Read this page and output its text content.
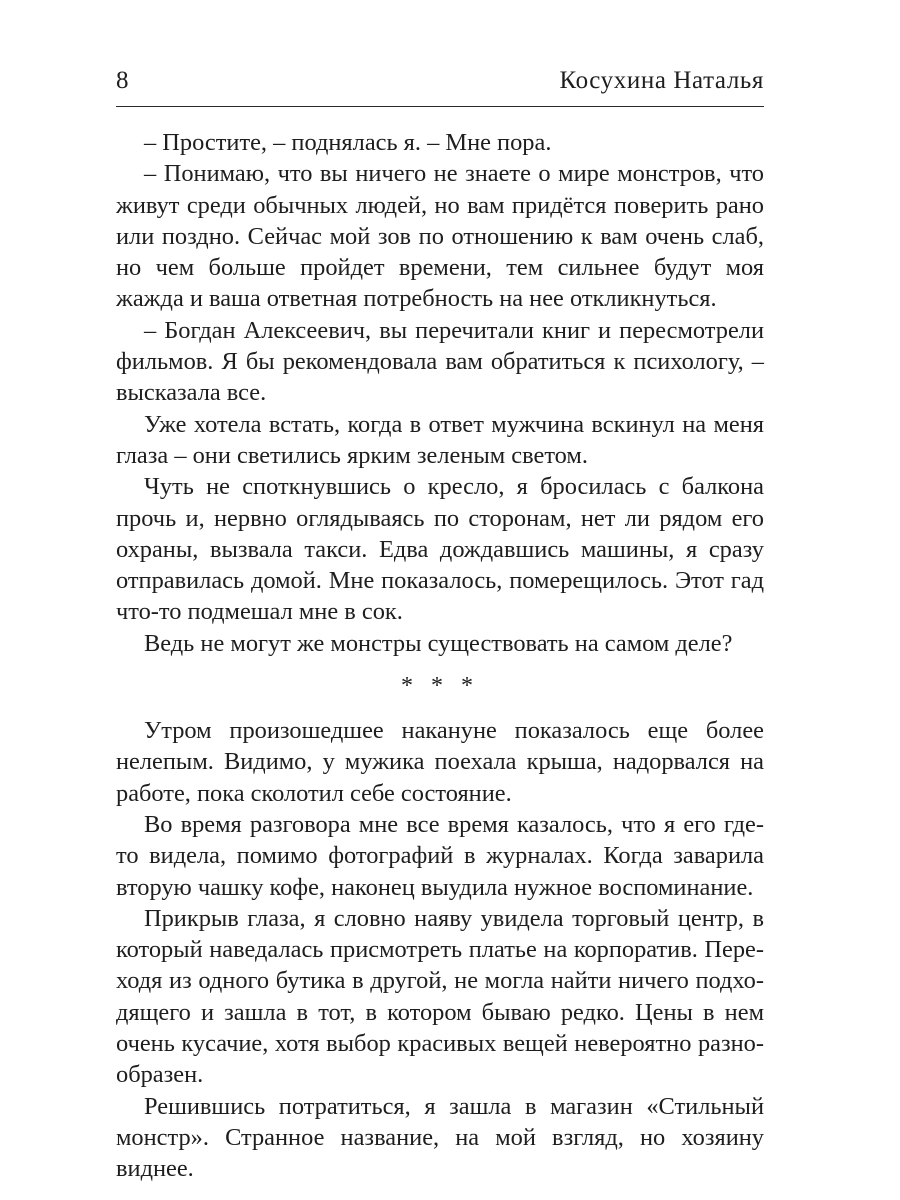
8	Косухина Наталья

– Простите, – поднялась я. – Мне пора.

– Понимаю, что вы ничего не знаете о мире монстров, что живут среди обычных людей, но вам придётся поверить рано или поздно. Сейчас мой зов по отношению к вам очень слаб, но чем больше пройдет времени, тем сильнее будут моя жажда и ваша ответная потребность на нее откликнуться.

– Богдан Алексеевич, вы перечитали книг и пересмотрели фильмов. Я бы рекомендовала вам обратиться к психологу, – высказала все.

Уже хотела встать, когда в ответ мужчина вскинул на меня глаза – они светились ярким зеленым светом.

Чуть не споткнувшись о кресло, я бросилась с балкона прочь и, нервно оглядываясь по сторонам, нет ли рядом его охраны, вызвала такси. Едва дождавшись машины, я сразу отправилась домой. Мне показалось, померещилось. Этот гад что-то подмешал мне в сок.

Ведь не могут же монстры существовать на самом деле?

* * *

Утром произошедшее накануне показалось еще более нелепым. Видимо, у мужика поехала крыша, надорвался на работе, пока сколотил себе состояние.

Во время разговора мне все время казалось, что я его где-то видела, помимо фотографий в журналах. Когда заварила вторую чашку кофе, наконец выудила нужное воспоминание.

Прикрыв глаза, я словно наяву увидела торговый центр, в который наведалась присмотреть платье на корпоратив. Переходя из одного бутика в другой, не могла найти ничего подходящего и зашла в тот, в котором бываю редко. Цены в нем очень кусачие, хотя выбор красивых вещей невероятно разнообразен.

Решившись потратиться, я зашла в магазин «Стильный монстр». Странное название, на мой взгляд, но хозяину виднее.
